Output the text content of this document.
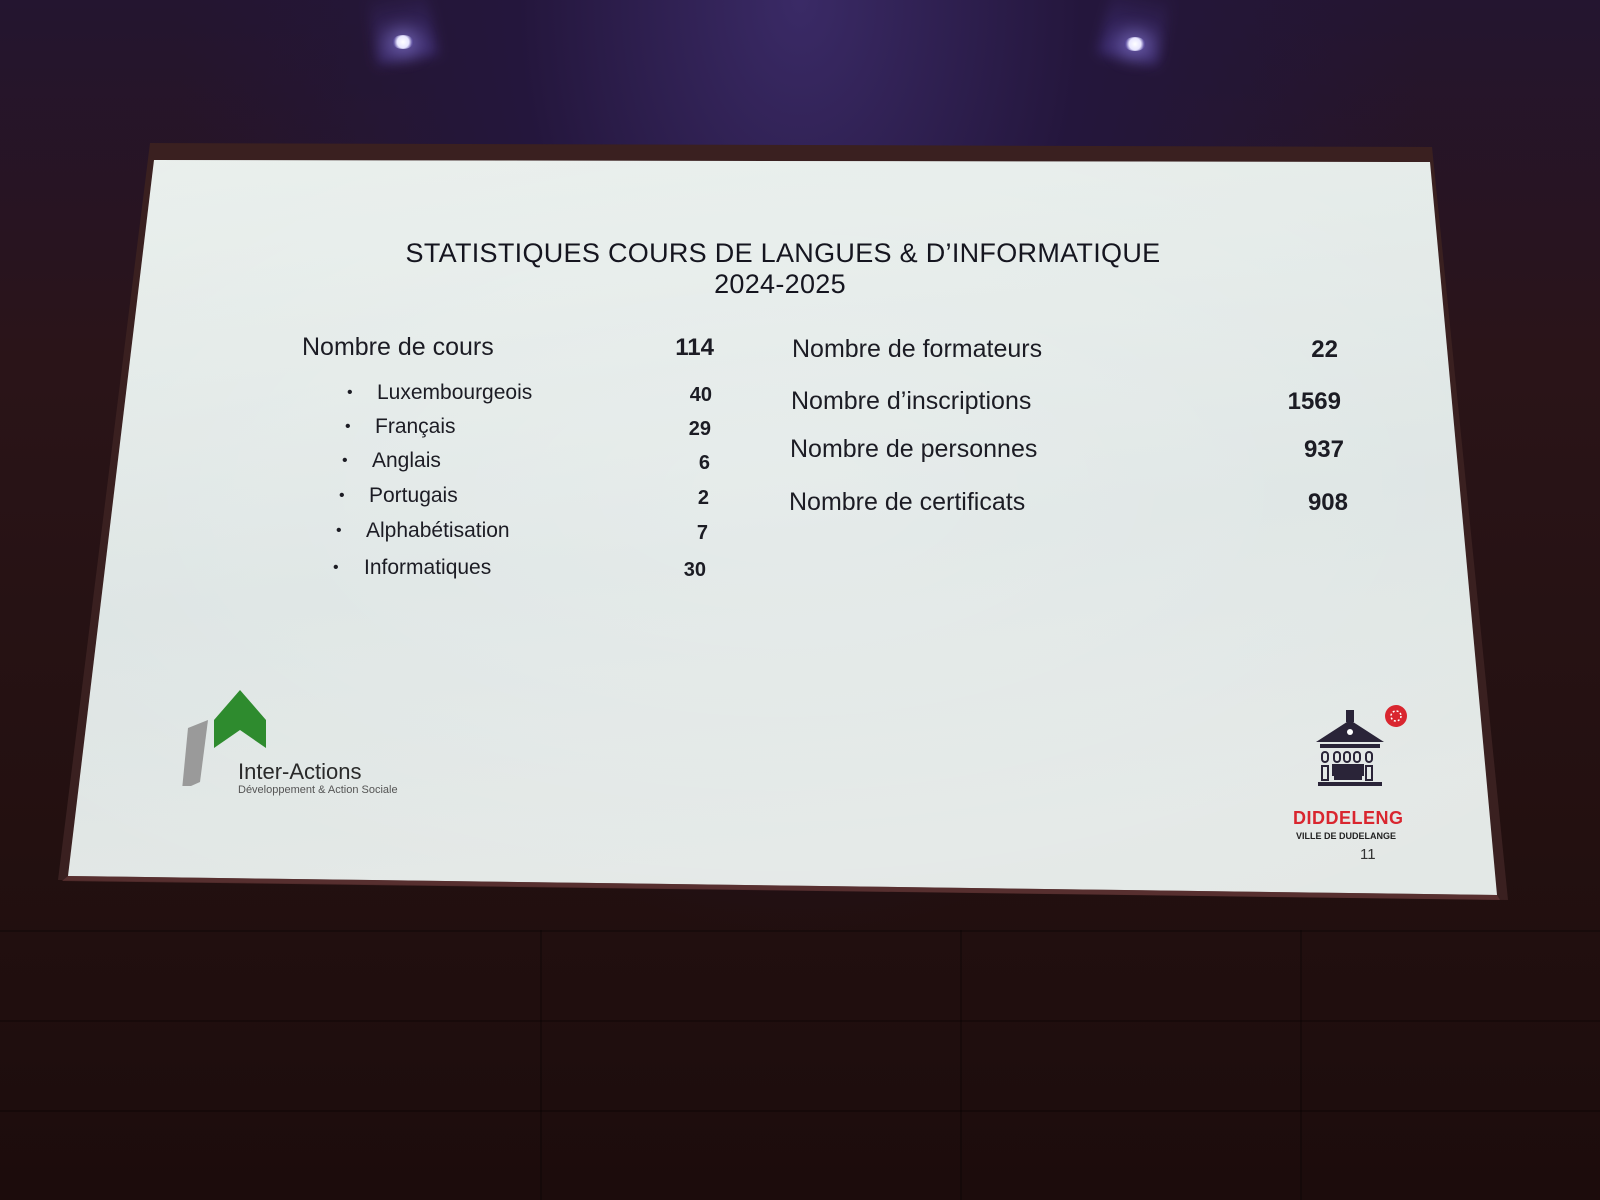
STATISTIQUES COURS DE LANGUES & D’INFORMATIQUE
2024-2025
Nombre de cours	114
• Luxembourgeois	40
• Français	29
• Anglais	6
• Portugais	2
• Alphabétisation	7
• Informatiques	30
Nombre de formateurs	22
Nombre d’inscriptions	1569
Nombre de personnes	937
Nombre de certificats	908
Inter-Actions
Développement & Action Sociale
DIDDELENG
VILLE DE DUDELANGE
11
